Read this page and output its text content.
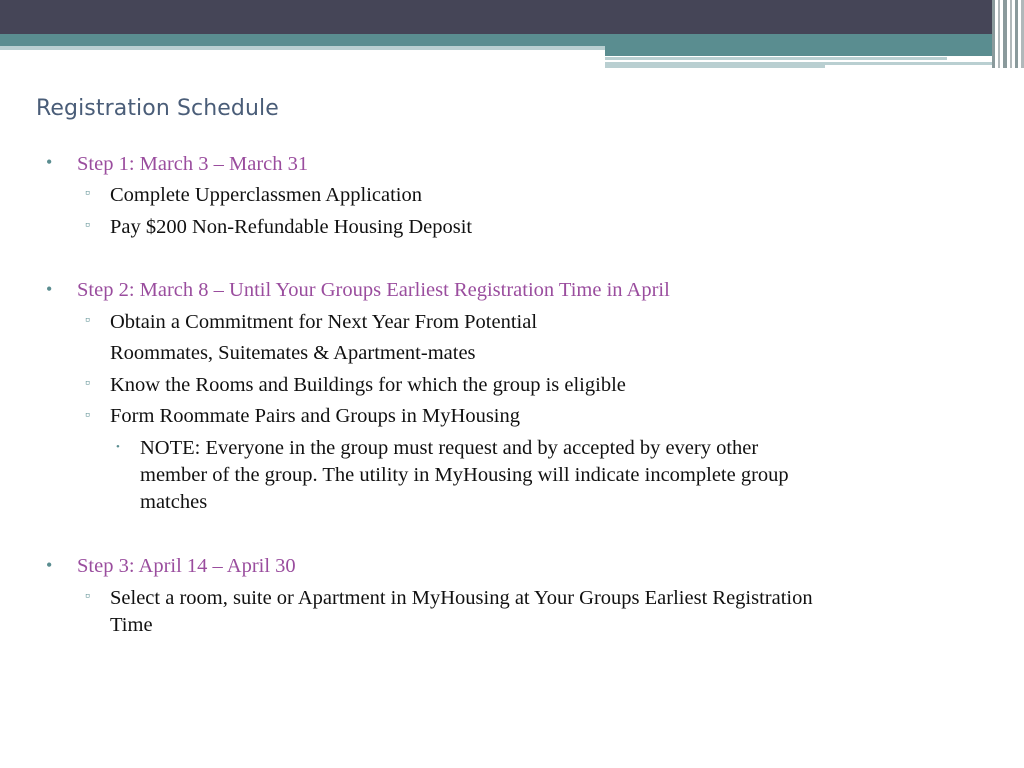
Registration Schedule
• Step 1: March 3 – March 31
▫ Complete Upperclassmen Application
▫ Pay $200 Non-Refundable Housing Deposit
• Step 2: March 8 – Until Your Groups Earliest Registration Time in April
▫ Obtain a Commitment for Next Year From Potential
Roommates, Suitemates & Apartment-mates
▫ Know the Rooms and Buildings for which the group is eligible
▫ Form Roommate Pairs and Groups in MyHousing
• NOTE: Everyone in the group must request and by accepted by every other
member of the group. The utility in MyHousing will indicate incomplete group
matches
• Step 3: April 14 – April 30
▫ Select a room, suite or Apartment in MyHousing at Your Groups Earliest Registration
Time
